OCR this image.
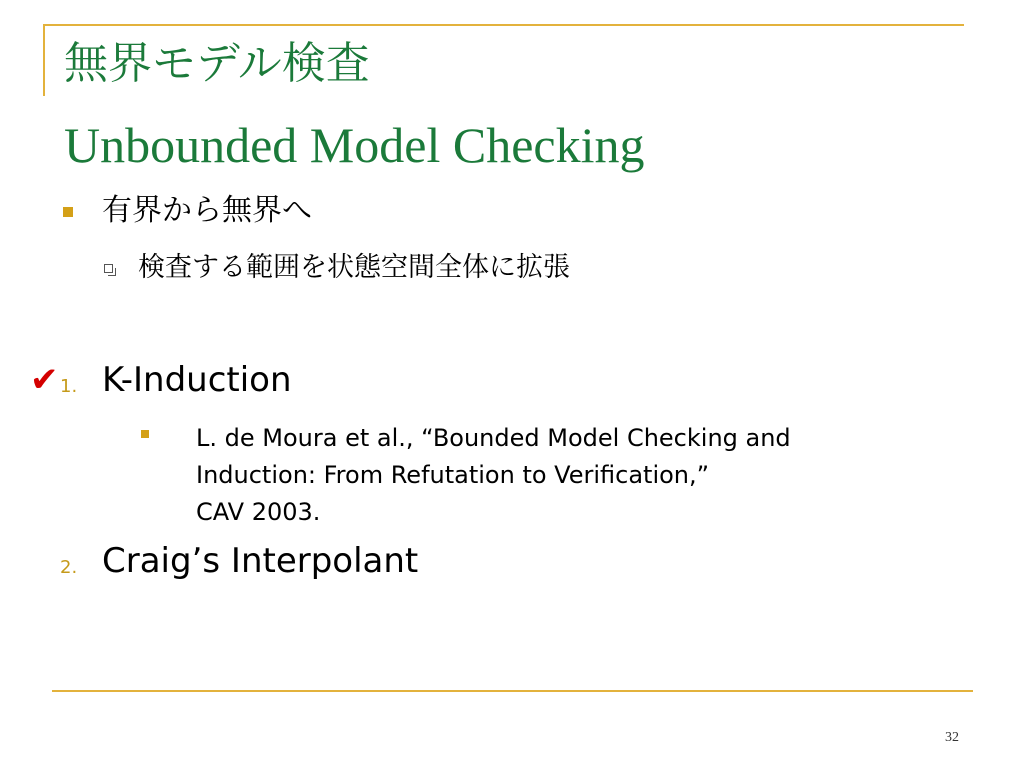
無界モデル検査
Unbounded Model Checking
有界から無界へ
検査する範囲を状態空間全体に拡張
✔ 1. K-Induction
L. de Moura et al., “Bounded Model Checking and
Induction: From Refutation to Verification,”
CAV 2003.
2. Craig’s Interpolant
32
